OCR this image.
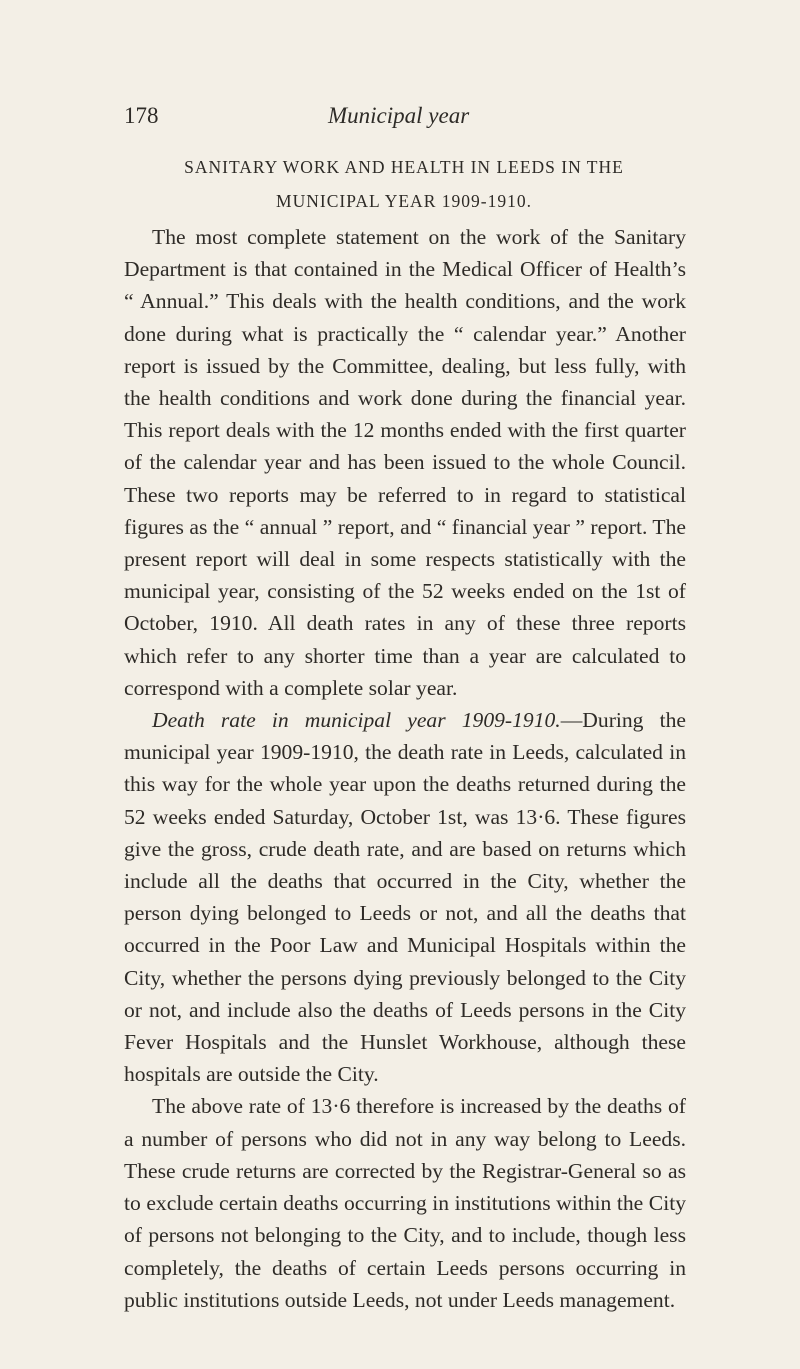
178	Municipal year
SANITARY WORK AND HEALTH IN LEEDS IN THE
MUNICIPAL YEAR 1909-1910.

The most complete statement on the work of the Sanitary Department is that contained in the Medical Officer of Health’s “ Annual.” This deals with the health conditions, and the work done during what is practically the “ calendar year.” Another report is issued by the Committee, dealing, but less fully, with the health conditions and work done during the financial year. This report deals with the 12 months ended with the first quarter of the calendar year and has been issued to the whole Council. These two reports may be referred to in regard to statistical figures as the “ annual ” report, and “ financial year ” report. The present report will deal in some respects statistically with the municipal year, consisting of the 52 weeks ended on the 1st of October, 1910. All death rates in any of these three reports which refer to any shorter time than a year are calculated to correspond with a complete solar year.

Death rate in municipal year 1909-1910.—During the municipal year 1909-1910, the death rate in Leeds, calculated in this way for the whole year upon the deaths returned during the 52 weeks ended Saturday, October 1st, was 13·6. These figures give the gross, crude death rate, and are based on returns which include all the deaths that occurred in the City, whether the person dying belonged to Leeds or not, and all the deaths that occurred in the Poor Law and Municipal Hospitals within the City, whether the persons dying previously belonged to the City or not, and include also the deaths of Leeds persons in the City Fever Hospitals and the Hunslet Workhouse, although these hospitals are outside the City.

The above rate of 13·6 therefore is increased by the deaths of a number of persons who did not in any way belong to Leeds. These crude returns are corrected by the Registrar-General so as to exclude certain deaths occurring in institutions within the City of persons not belonging to the City, and to include, though less completely, the deaths of certain Leeds persons occurring in public institutions outside Leeds, not under Leeds management.
